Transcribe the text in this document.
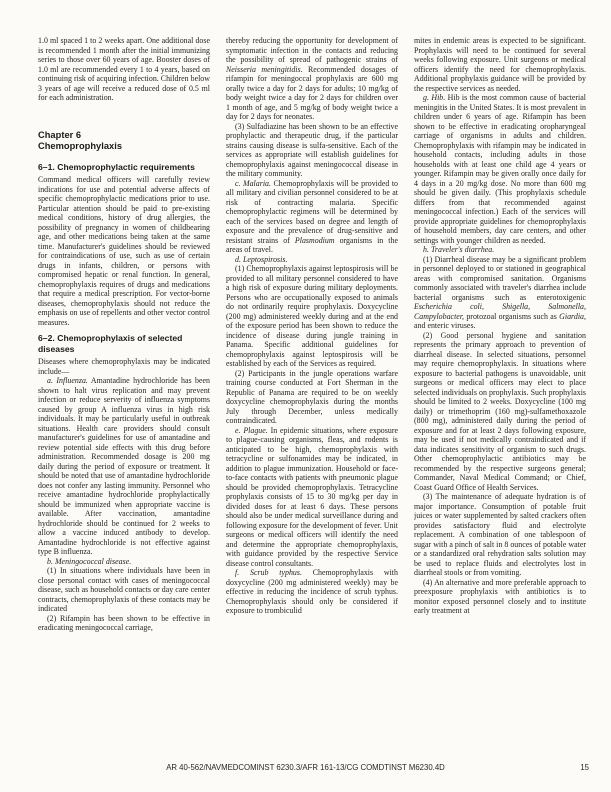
1.0 ml spaced 1 to 2 weeks apart. One additional dose is recommended 1 month after the initial immunizing series to those over 60 years of age. Booster doses of 1.0 ml are recommended every 1 to 4 years, based on continuing risk of acquiring infection. Children below 3 years of age will receive a reduced dose of 0.5 ml for each administration.

Chapter 6
Chemoprophylaxis
6–1. Chemoprophylactic requirements

Command medical officers will carefully review indications for use and potential adverse affects of specific chemoprophylactic medications prior to use. Particular attention should be paid to pre-existing medical conditions, history of drug allergies, the possibility of pregnancy in women of childbearing age, and other medications being taken at the same time. Manufacturer's guidelines should be reviewed for contraindications of use, such as use of certain drugs in infants, children, or persons with compromised hepatic or renal function. In general, chemoprophylaxis requires of drugs and medications that require a medical prescription. For vector-borne diseases, chemoprophylaxis should not reduce the emphasis on use of repellents and other vector control measures.

6–2. Chemoprophylaxis of selected diseases

Diseases where chemoprophylaxis may be indicated include—

a. Influenza. Amantadine hydrochloride has been shown to halt virus replication and may prevent infection or reduce serverity of influenza symptoms caused by group A influenza virus in high risk individuals. It may be particularly useful in outbreak situations. Health care providers should consult manufacturer's guidelines for use of amantadine and review potential side effects with this drug before administration. Recommended dosage is 200 mg daily during the period of exposure or treatment. It should be noted that use of amantadine hydrochloride does not confer any lasting immunity. Personnel who receive amantadine hydrochloride prophylactically should be immunized when appropriate vaccine is available. After vaccination, amantadine hydrochloride should be continued for 2 weeks to allow a vaccine induced antibody to develop. Amantadine hydrochloride is not effective against type B influenza.

b. Meningococcal disease.

(1) In situations where individuals have been in close personal contact with cases of meningococcal disease, such as household contacts or day care center contracts, chemoprophylaxis of these contacts may be indicated

(2) Rifampin has been shown to be effective in eradicating meningococcal carriage,

thereby reducing the opportunity for development of symptomatic infection in the contacts and reducing the possibility of spread of pathogenic strains of Neisseria meningitidis. Recommended dosages of rifampin for meningoccal prophylaxis are 600 mg orally twice a day for 2 days for adults; 10 mg/kg of body weight twice a day for 2 days for children over 1 month of age, and 5 mg/kg of body weight twice a day for 2 days for neonates.

(3) Sulfadiazine has been shown to be an effective prophylactic and therapeutic drug, if the particular strains causing disease is sulfa-sensitive. Each of the services as appropriate will establish guidelines for chemoprophylaxis against meningococcal disease in the military community.

c. Malaria. Chemoprophylaxis will be provided to all military and civilian personnel considered to be at risk of contracting malaria. Specific chemoprophylactic regimens will be determined by each of the services based on degree and length of exposure and the prevalence of drug-sensitive and resistant strains of Plasmodium organisms in the areas of travel.

d. Leptospirosis.

(1) Chemoprophylaxis against leptospirosis will be provided to all military personnel considered to have a high risk of exposure during military deployments. Persons who are occupationally exposed to animals do not ordinarily require prophylaxis. Doxycycline (200 mg) administered weekly during and at the end of the exposure period has been shown to reduce the incidence of disease during jungle training in Panama. Specific additional guidelines for chemoprophylaxis against leptospirosis will be established by each of the Services as required.

(2) Participants in the jungle operations warfare training course conducted at Fort Sherman in the Republic of Panama are required to be on weekly doxycycline chemoprophylaxis during the months July through December, unless medically contraindicated.

e. Plague. In epidemic situations, where exposure to plague-causing organisms, fleas, and rodents is anticipated to be high, chemoprophylaxis with tetracycline or sulfonamides may be indicated, in addition to plague immunization. Household or face-to-face contacts with patients with pneumonic plague should be provided chemoprophylaxis. Tetracycline prophylaxis consists of 15 to 30 mg/kg per day in divided doses for at least 6 days. These persons should also be under medical surveillance during and following exposure for the development of fever. Unit surgeons or medical officers will identify the need and determine the appropriate chemoprophylaxis, with guidance provided by the respective Service disease control consultants.

f. Scrub typhus. Chemoprophylaxis with doxycycline (200 mg administered weekly) may be effective in reducing the incidence of scrub typhus. Chemoprophylaxis should only be considered if exposure to trombiculid

mites in endemic areas is expected to be significant. Prophylaxis will need to be continued for several weeks following exposure. Unit surgeons or medical officers identify the need for chemoprophylaxis. Additional prophylaxis guidance will be provided by the respective services as needed.

g. Hib. Hib is the most common cause of bacterial meningitis in the United States. It is most prevalent in children under 6 years of age. Rifampin has been shown to be effective in eradicating oropharyngeal carriage of organisms in adults and children. Chemoprophylaxis with rifampin may be indicated in household contacts, including adults in those households with at least one child age 4 years or younger. Rifampin may be given orally once daily for 4 days in a 20 mg/kg dose. No more than 600 mg should be given daily. (This prophylaxis schedule differs from that recommended against meningococcal infection.) Each of the services will provide appropriate guidelines for chemoprophylaxis of household members, day care centers, and other settings with younger children as needed.

h. Traveler's diarrhea.

(1) Diarrheal disease may be a significant problem in personnel deployed to or stationed in geographical areas with compromised sanitation. Organisms commonly associated with traveler's diarrhea include bacterial organisms such as enterotoxigenic Escherichia coli, Shigella, Salmonella, Campylobacter, protozoal organisms such as Giardia, and enteric viruses.

(2) Good personal hygiene and sanitation represents the primary approach to prevention of diarrheal disease. In selected situations, personnel may require chemoprophylaxis. In situations where exposure to bacterial pathogens is unavoidable, unit surgeons or medical officers may elect to place selected individuals on prophylaxis. Such prophylaxis should be limited to 2 weeks. Doxycycline (100 mg daily) or trimethoprim (160 mg)-sulfamethoxazole (800 mg), administered daily during the period of exposure and for at least 2 days following exposure, may be used if not medically contraindicated and if data indicates sensitivity of organism to such drugs. Other chemoprophylactic antibiotics may be recommended by the respective surgeons general; Commander, Naval Medical Command; or Chief, Coast Guard Office of Health Services.

(3) The maintenance of adequate hydration is of major importance. Consumption of potable fruit juices or water supplemented by salted crackers often provides satisfactory fluid and electrolyte replacement. A combination of one tablespoon of sugar with a pinch of salt in 8 ounces of potable water or a standardized oral rehydration salts solution may be used to replace fluids and electrolytes lost in diarrheal stools or from vomiting.

(4) An alternative and more preferable approach to preexposure prophylaxis with antibiotics is to monitor exposed personnel closely and to institute early treatment at

AR 40-562/NAVMEDCOMINST 6230.3/AFR 161-13/CG COMDTINST M6230.4D	15
